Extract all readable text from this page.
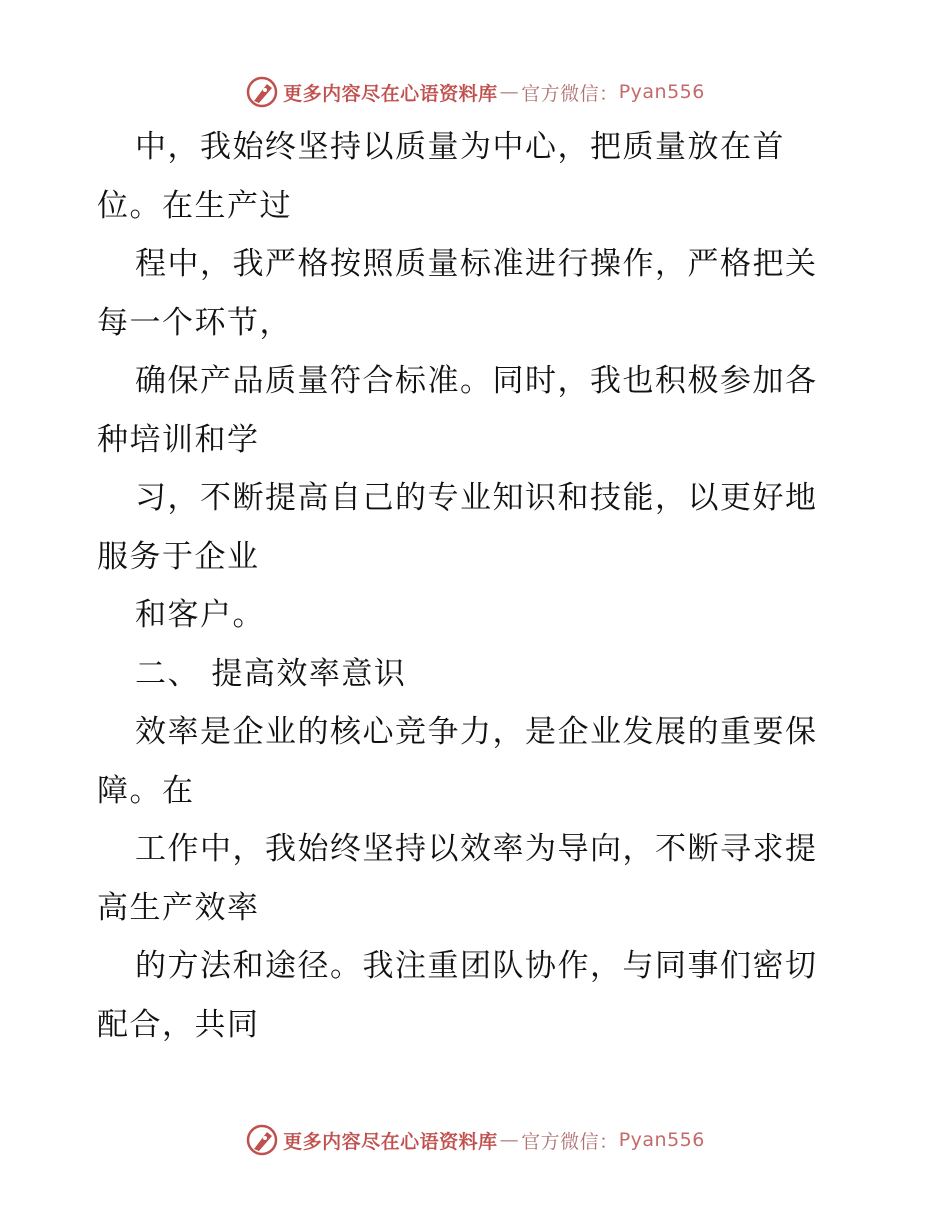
更多内容尽在心语资料库 — 官方微信： Pyan556
中，我始终坚持以质量为中心，把质量放在首
位。在生产过
程中，我严格按照质量标准进行操作，严格把关
每一个环节，
确保产品质量符合标准。同时，我也积极参加各
种培训和学
习，不断提高自己的专业知识和技能，以更好地
服务于企业
和客户。
二、 提高效率意识
效率是企业的核心竞争力，是企业发展的重要保
障。在
工作中，我始终坚持以效率为导向，不断寻求提
高生产效率
的方法和途径。我注重团队协作，与同事们密切
配合，共同
更多内容尽在心语资料库 — 官方微信： Pyan556
